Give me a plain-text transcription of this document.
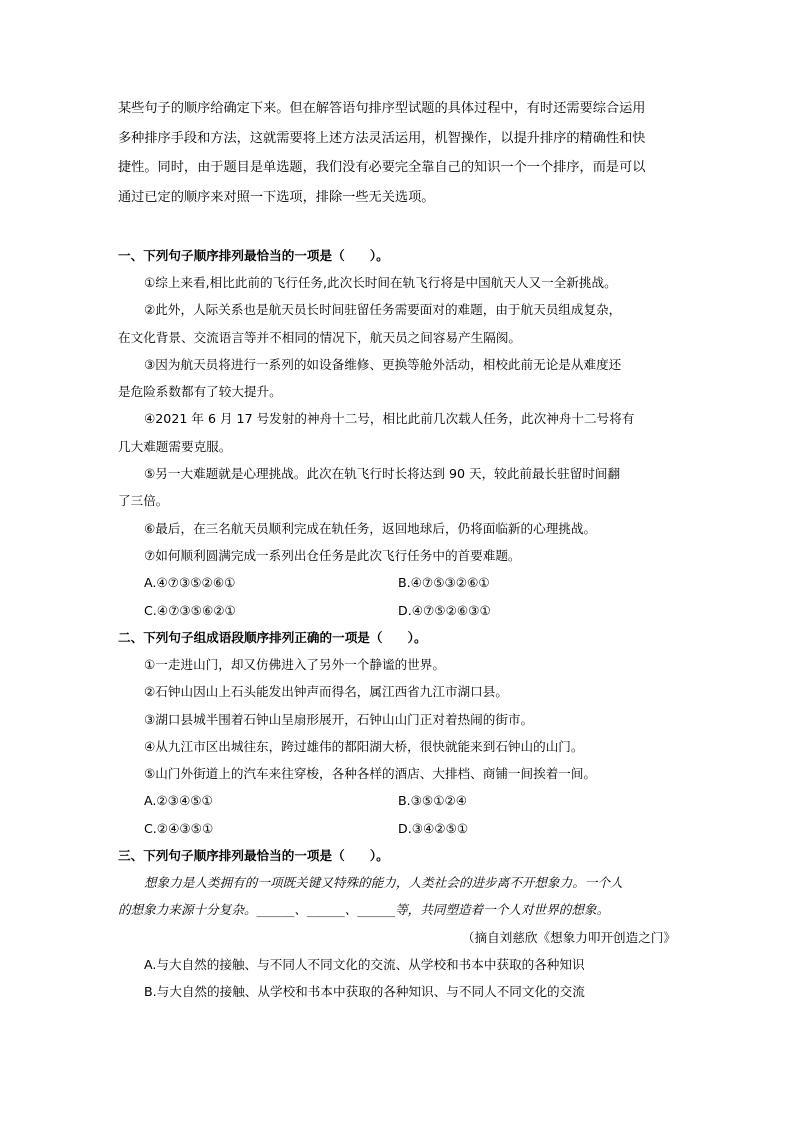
某些句子的顺序给确定下来。但在解答语句排序型试题的具体过程中，有时还需要综合运用

多种排序手段和方法，这就需要将上述方法灵活运用，机智操作，以提升排序的精确性和快

捷性。同时，由于题目是单选题，我们没有必要完全靠自己的知识一个一个排序，而是可以

通过已定的顺序来对照一下选项，排除一些无关选项。

一、下列句子顺序排列最恰当的一项是（　　）。

①综上来看,相比此前的飞行任务,此次长时间在轨飞行将是中国航天人又一全新挑战。

②此外，人际关系也是航天员长时间驻留任务需要面对的难题，由于航天员组成复杂，

在文化背景、交流语言等并不相同的情况下，航天员之间容易产生隔阂。

③因为航天员将进行一系列的如设备维修、更换等舱外活动，相校此前无论是从难度还

是危险系数都有了较大提升。

④2021 年 6 月 17 号发射的神舟十二号，相比此前几次载人任务，此次神舟十二号将有

几大难题需要克服。

⑤另一大难题就是心理挑战。此次在轨飞行时长将达到 90 天，较此前最长驻留时间翻

了三倍。

⑥最后，在三名航天员顺利完成在轨任务，返回地球后，仍将面临新的心理挑战。

⑦如何顺利圆满完成一系列出仓任务是此次飞行任务中的首要难题。

A.④⑦③⑤②⑥①	B.④⑦⑤③②⑥①
C.④⑦③⑤⑥②①	D.④⑦⑤②⑥③①

二、下列句子组成语段顺序排列正确的一项是（　　）。

①一走进山门，却又仿佛进入了另外一个静谧的世界。

②石钟山因山上石头能发出钟声而得名，属江西省九江市湖口县。

③湖口县城半围着石钟山呈扇形展开，石钟山山门正对着热闹的街市。

④从九江市区出城往东，跨过雄伟的都阳湖大桥，很快就能来到石钟山的山门。

⑤山门外街道上的汽车来往穿梭，各种各样的酒店、大排档、商铺一间挨着一间。

A.②③④⑤①	B.③⑤①②④
C.②④③⑤①	D.③④②⑤①

三、下列句子顺序排列最恰当的一项是（　　）。

想象力是人类拥有的一项既关键又特殊的能力，人类社会的进步离不开想象力。一个人

的想象力来源十分复杂。______、______、______等，共同塑造着一个人对世界的想象。

（摘自刘慈欣《想象力叩开创造之门》

A.与大自然的接触、与不同人不同文化的交流、从学校和书本中获取的各种知识

B.与大自然的接触、从学校和书本中获取的各种知识、与不同人不同文化的交流
